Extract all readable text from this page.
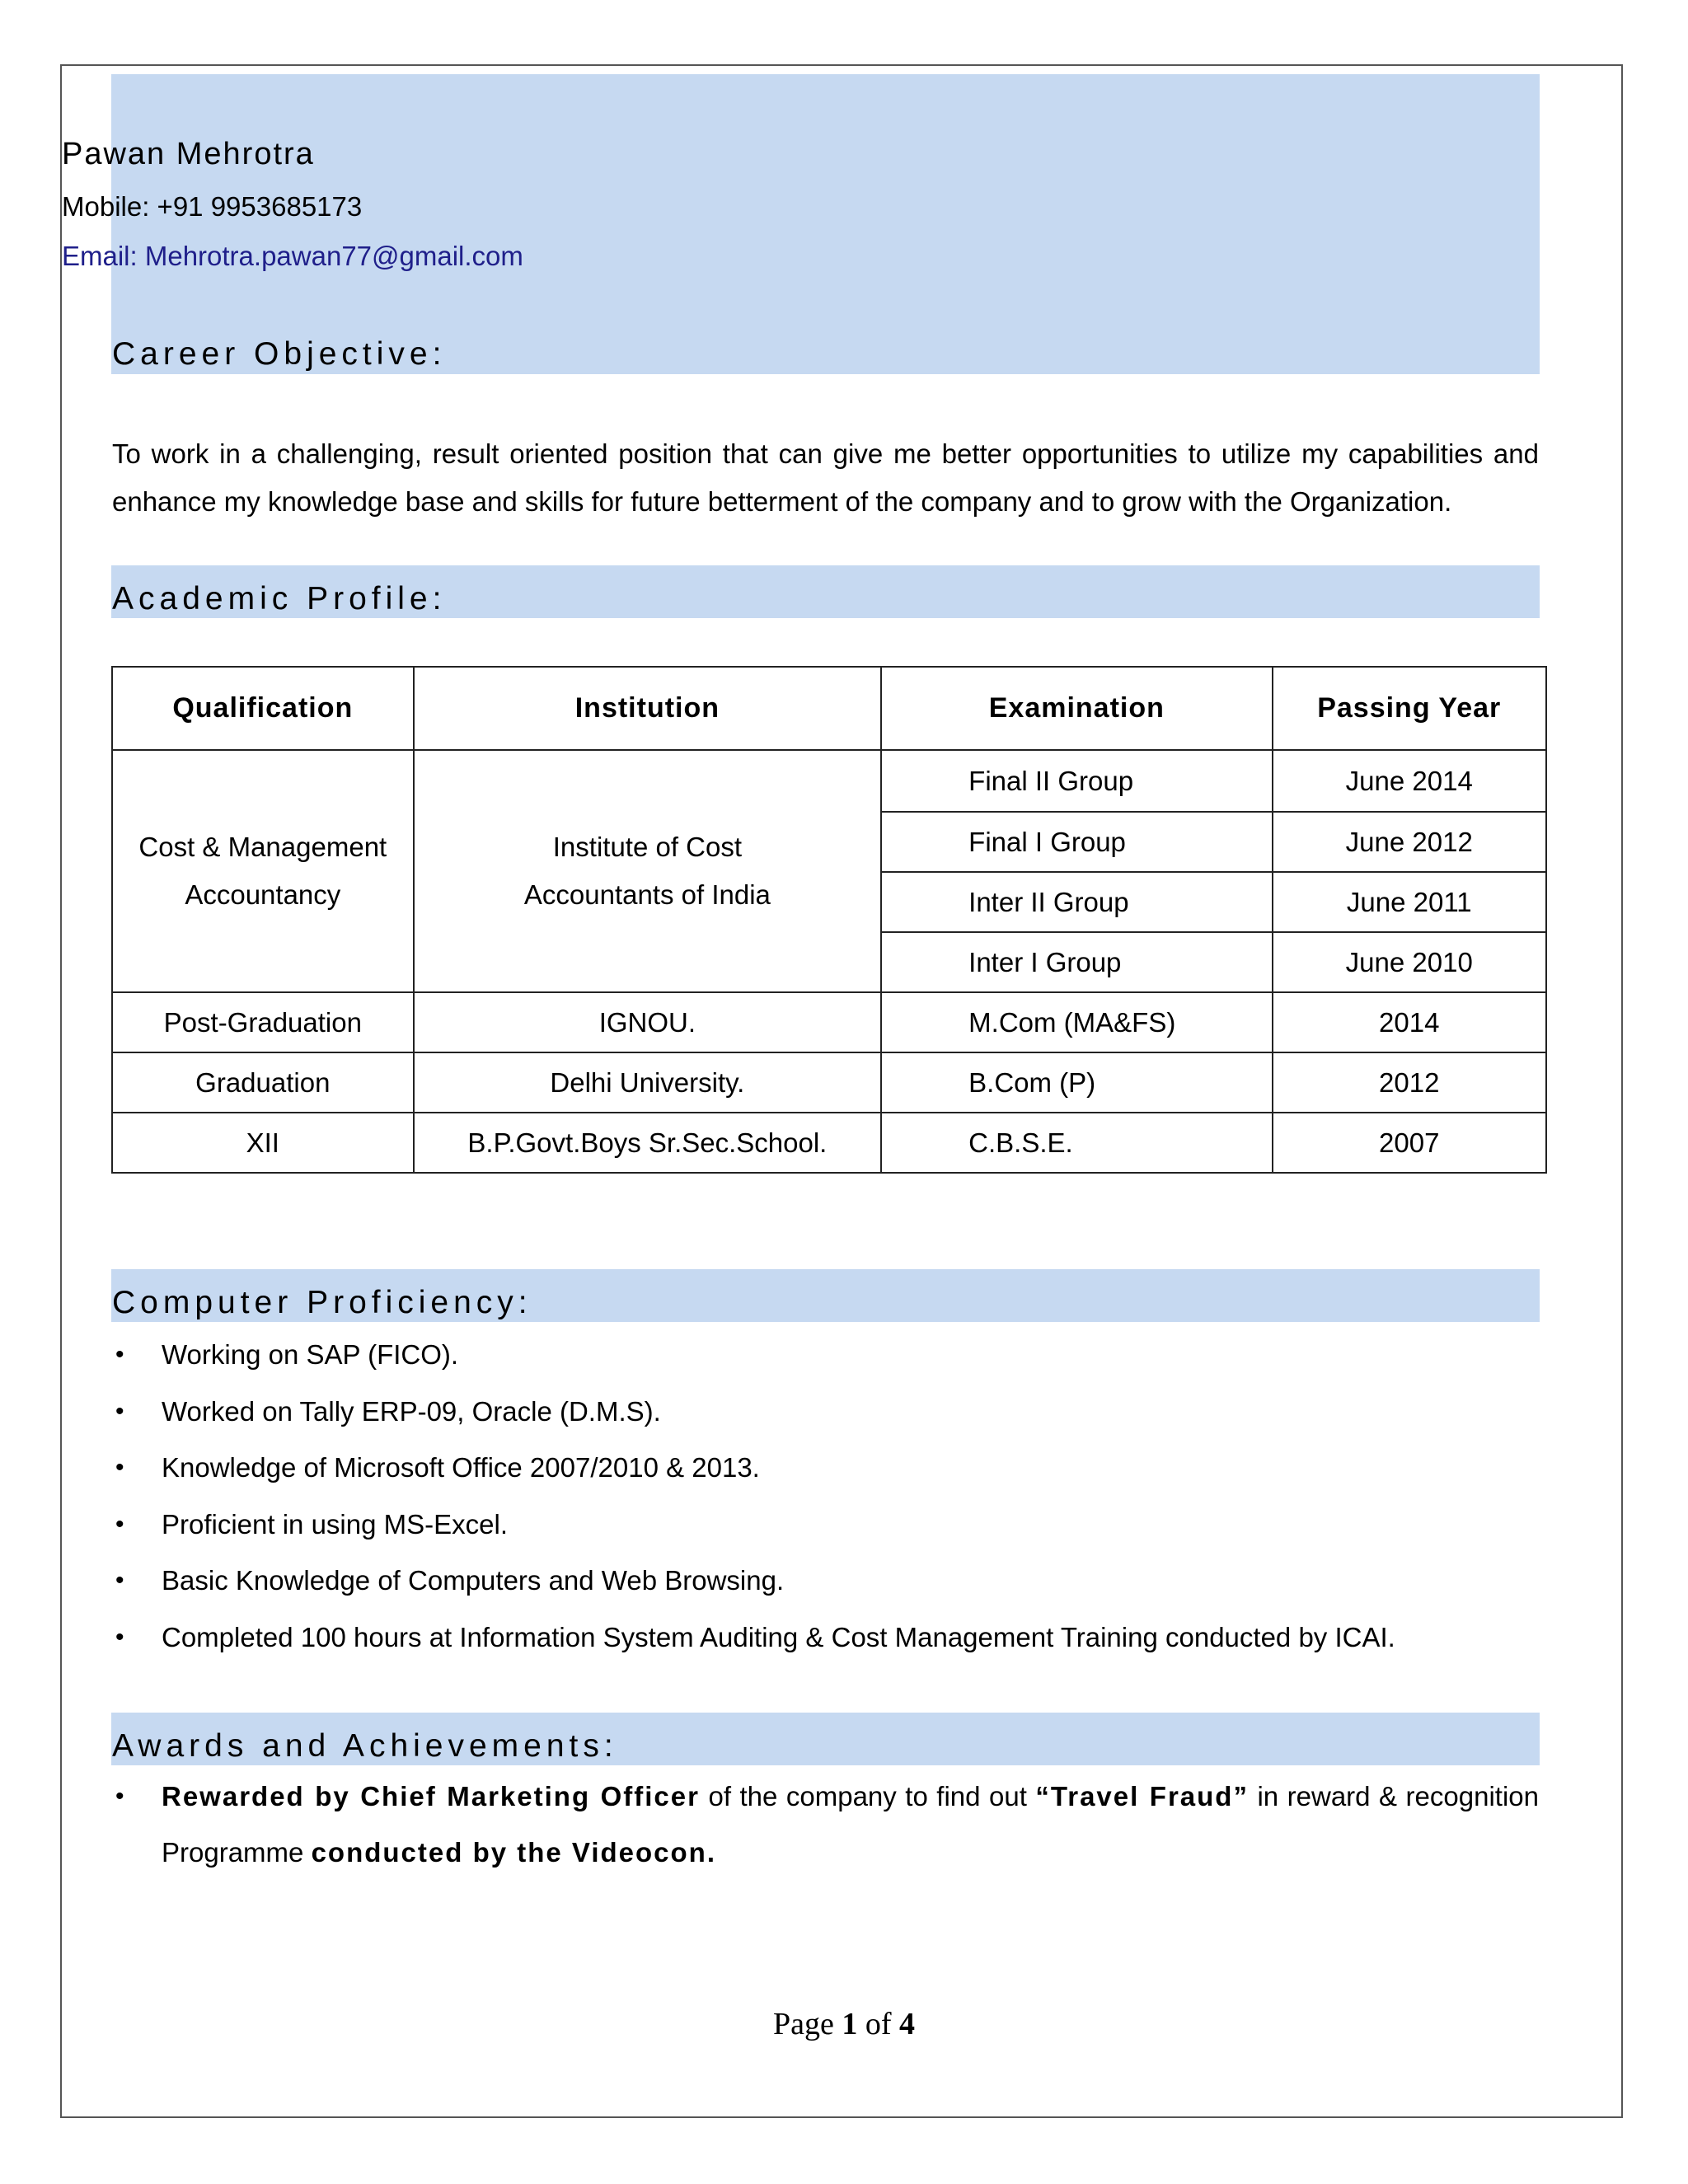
Pawan Mehrotra
Mobile: +91 9953685173
Email: Mehrotra.pawan77@gmail.com
Career Objective:
To work in a challenging, result oriented position that can give me better opportunities to utilize my capabilities and enhance my knowledge base and skills for future betterment of the company and to grow with the Organization.
Academic Profile:
Qualification	Institution	Examination	Passing Year
Cost & Management Accountancy	Institute of Cost Accountants of India	Final II Group	June 2014
		Final I Group	June 2012
		Inter II Group	June 2011
		Inter I Group	June 2010
Post-Graduation	IGNOU.	M.Com (MA&FS)	2014
Graduation	Delhi University.	B.Com (P)	2012
XII	B.P.Govt.Boys Sr.Sec.School.	C.B.S.E.	2007
Computer Proficiency:
• Working on SAP (FICO).
• Worked on Tally ERP-09, Oracle (D.M.S).
• Knowledge of Microsoft Office 2007/2010 & 2013.
• Proficient in using MS-Excel.
• Basic Knowledge of Computers and Web Browsing.
• Completed 100 hours at Information System Auditing & Cost Management Training conducted by ICAI.
Awards and Achievements:
• Rewarded by Chief Marketing Officer of the company to find out “Travel Fraud” in reward & recognition Programme conducted by the Videocon.
Page 1 of 4
